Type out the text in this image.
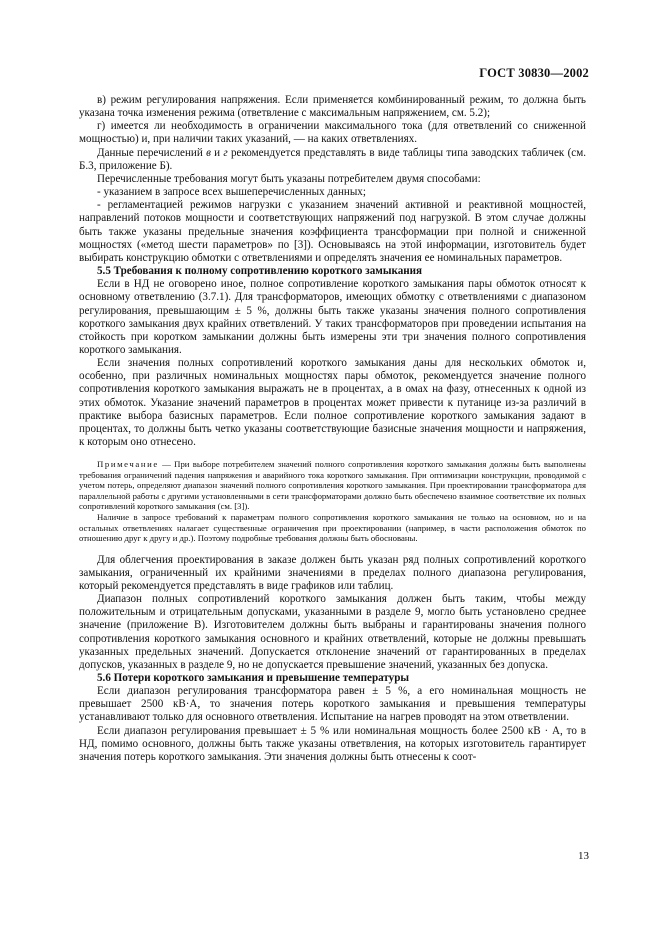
ГОСТ 30830—2002

в) режим регулирования напряжения. Если применяется комбинированный режим, то должна быть указана точка изменения режима (ответвление с максимальным напряжением, см. 5.2);

г) имеется ли необходимость в ограничении максимального тока (для ответвлений со сниженной мощностью) и, при наличии таких указаний, — на каких ответвлениях.

Данные перечислений в и г рекомендуется представлять в виде таблицы типа заводских табличек (см. Б.3, приложение Б).

Перечисленные требования могут быть указаны потребителем двумя способами:

- указанием в запросе всех вышеперечисленных данных;

- регламентацией режимов нагрузки с указанием значений активной и реактивной мощностей, направлений потоков мощности и соответствующих напряжений под нагрузкой. В этом случае должны быть также указаны предельные значения коэффициента трансформации при полной и сниженной мощностях («метод шести параметров» по [3]). Основываясь на этой информации, изготовитель будет выбирать конструкцию обмотки с ответвлениями и определять значения ее номинальных параметров.

5.5 Требования к полному сопротивлению короткого замыкания

Если в НД не оговорено иное, полное сопротивление короткого замыкания пары обмоток относят к основному ответвлению (3.7.1). Для трансформаторов, имеющих обмотку с ответвлениями с диапазоном регулирования, превышающим ± 5 %, должны быть также указаны значения полного сопротивления короткого замыкания двух крайних ответвлений. У таких трансформаторов при проведении испытания на стойкость при коротком замыкании должны быть измерены эти три значения полного сопротивления короткого замыкания.

Если значения полных сопротивлений короткого замыкания даны для нескольких обмоток и, особенно, при различных номинальных мощностях пары обмоток, рекомендуется значение полного сопротивления короткого замыкания выражать не в процентах, а в омах на фазу, отнесенных к одной из этих обмоток. Указание значений параметров в процентах может привести к путанице из-за различий в практике выбора базисных параметров. Если полное сопротивление короткого замыкания задают в процентах, то должны быть четко указаны соответствующие базисные значения мощности и напряжения, к которым оно отнесено.

Примечание — При выборе потребителем значений полного сопротивления короткого замыкания должны быть выполнены требования ограничений падения напряжения и аварийного тока короткого замыкания. При оптимизации конструкции, проводимой с учетом потерь, определяют диапазон значений полного сопротивления короткого замыкания. При проектировании трансформатора для параллельной работы с другими установленными в сети трансформаторами должно быть обеспечено взаимное соответствие их полных сопротивлений короткого замыкания (см. [3]).

Наличие в запросе требований к параметрам полного сопротивления короткого замыкания не только на основном, но и на остальных ответвлениях налагает существенные ограничения при проектировании (например, в части расположения обмоток по отношению друг к другу и др.). Поэтому подробные требования должны быть обоснованы.

Для облегчения проектирования в заказе должен быть указан ряд полных сопротивлений короткого замыкания, ограниченный их крайними значениями в пределах полного диапазона регулирования, который рекомендуется представлять в виде графиков или таблиц.

Диапазон полных сопротивлений короткого замыкания должен быть таким, чтобы между положительным и отрицательным допусками, указанными в разделе 9, могло быть установлено среднее значение (приложение В). Изготовителем должны быть выбраны и гарантированы значения полного сопротивления короткого замыкания основного и крайних ответвлений, которые не должны превышать указанных предельных значений. Допускается отклонение значений от гарантированных в пределах допусков, указанных в разделе 9, но не допускается превышение значений, указанных без допуска.

5.6 Потери короткого замыкания и превышение температуры

Если диапазон регулирования трансформатора равен ± 5 %, а его номинальная мощность не превышает 2500 кВ·А, то значения потерь короткого замыкания и превышения температуры устанавливают только для основного ответвления. Испытание на нагрев проводят на этом ответвлении.

Если диапазон регулирования превышает ± 5 % или номинальная мощность более 2500 кВ · А, то в НД, помимо основного, должны быть также указаны ответвления, на которых изготовитель гарантирует значения потерь короткого замыкания. Эти значения должны быть отнесены к соот-

13
